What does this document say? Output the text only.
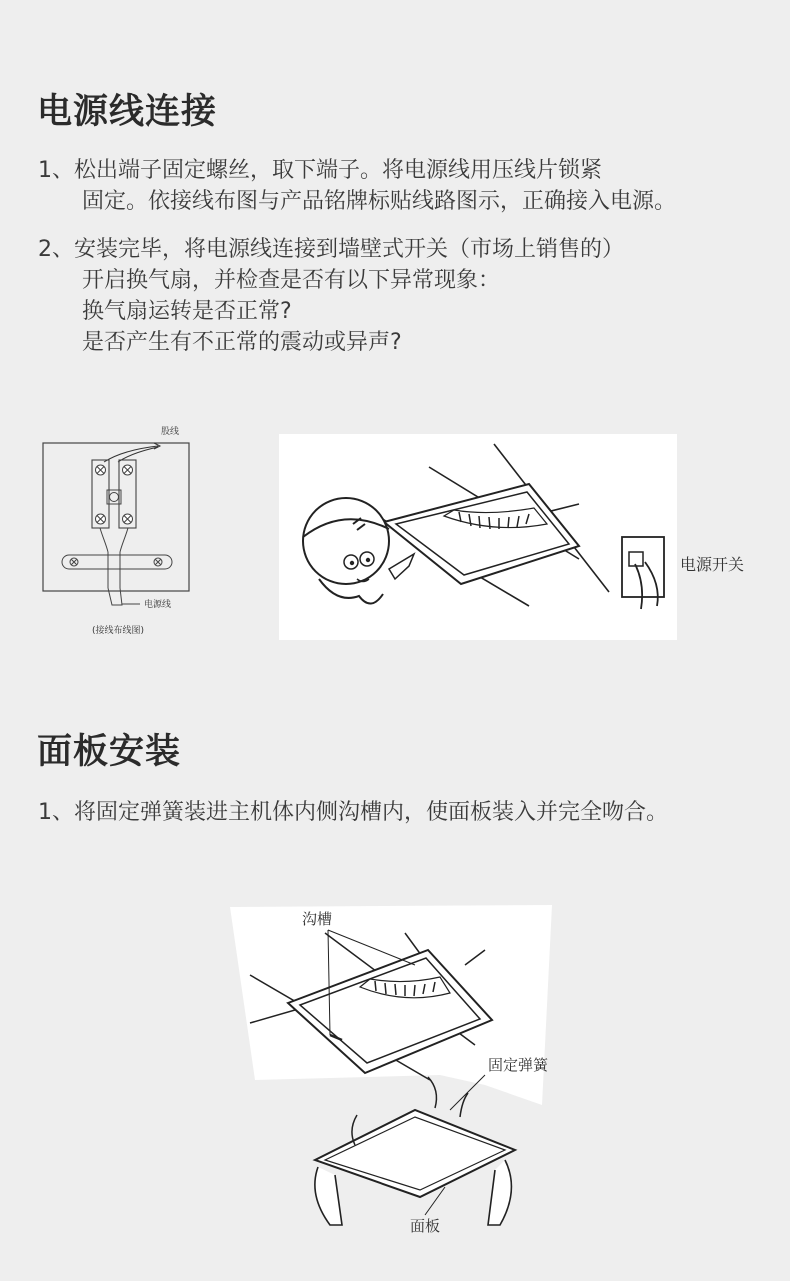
电源线连接
1、松出端子固定螺丝，取下端子。将电源线用压线片锁紧
固定。依接线布图与产品铭牌标贴线路图示，正确接入电源。
2、安装完毕，将电源线连接到墙壁式开关（市场上销售的）
开启换气扇，并检查是否有以下异常现象：
换气扇运转是否正常?
是否产生有不正常的震动或异声?
股线
电源线
(接线布线图)
电源开关
面板安装
1、将固定弹簧装进主机体内侧沟槽内，使面板装入并完全吻合。
沟槽
固定弹簧
面板
